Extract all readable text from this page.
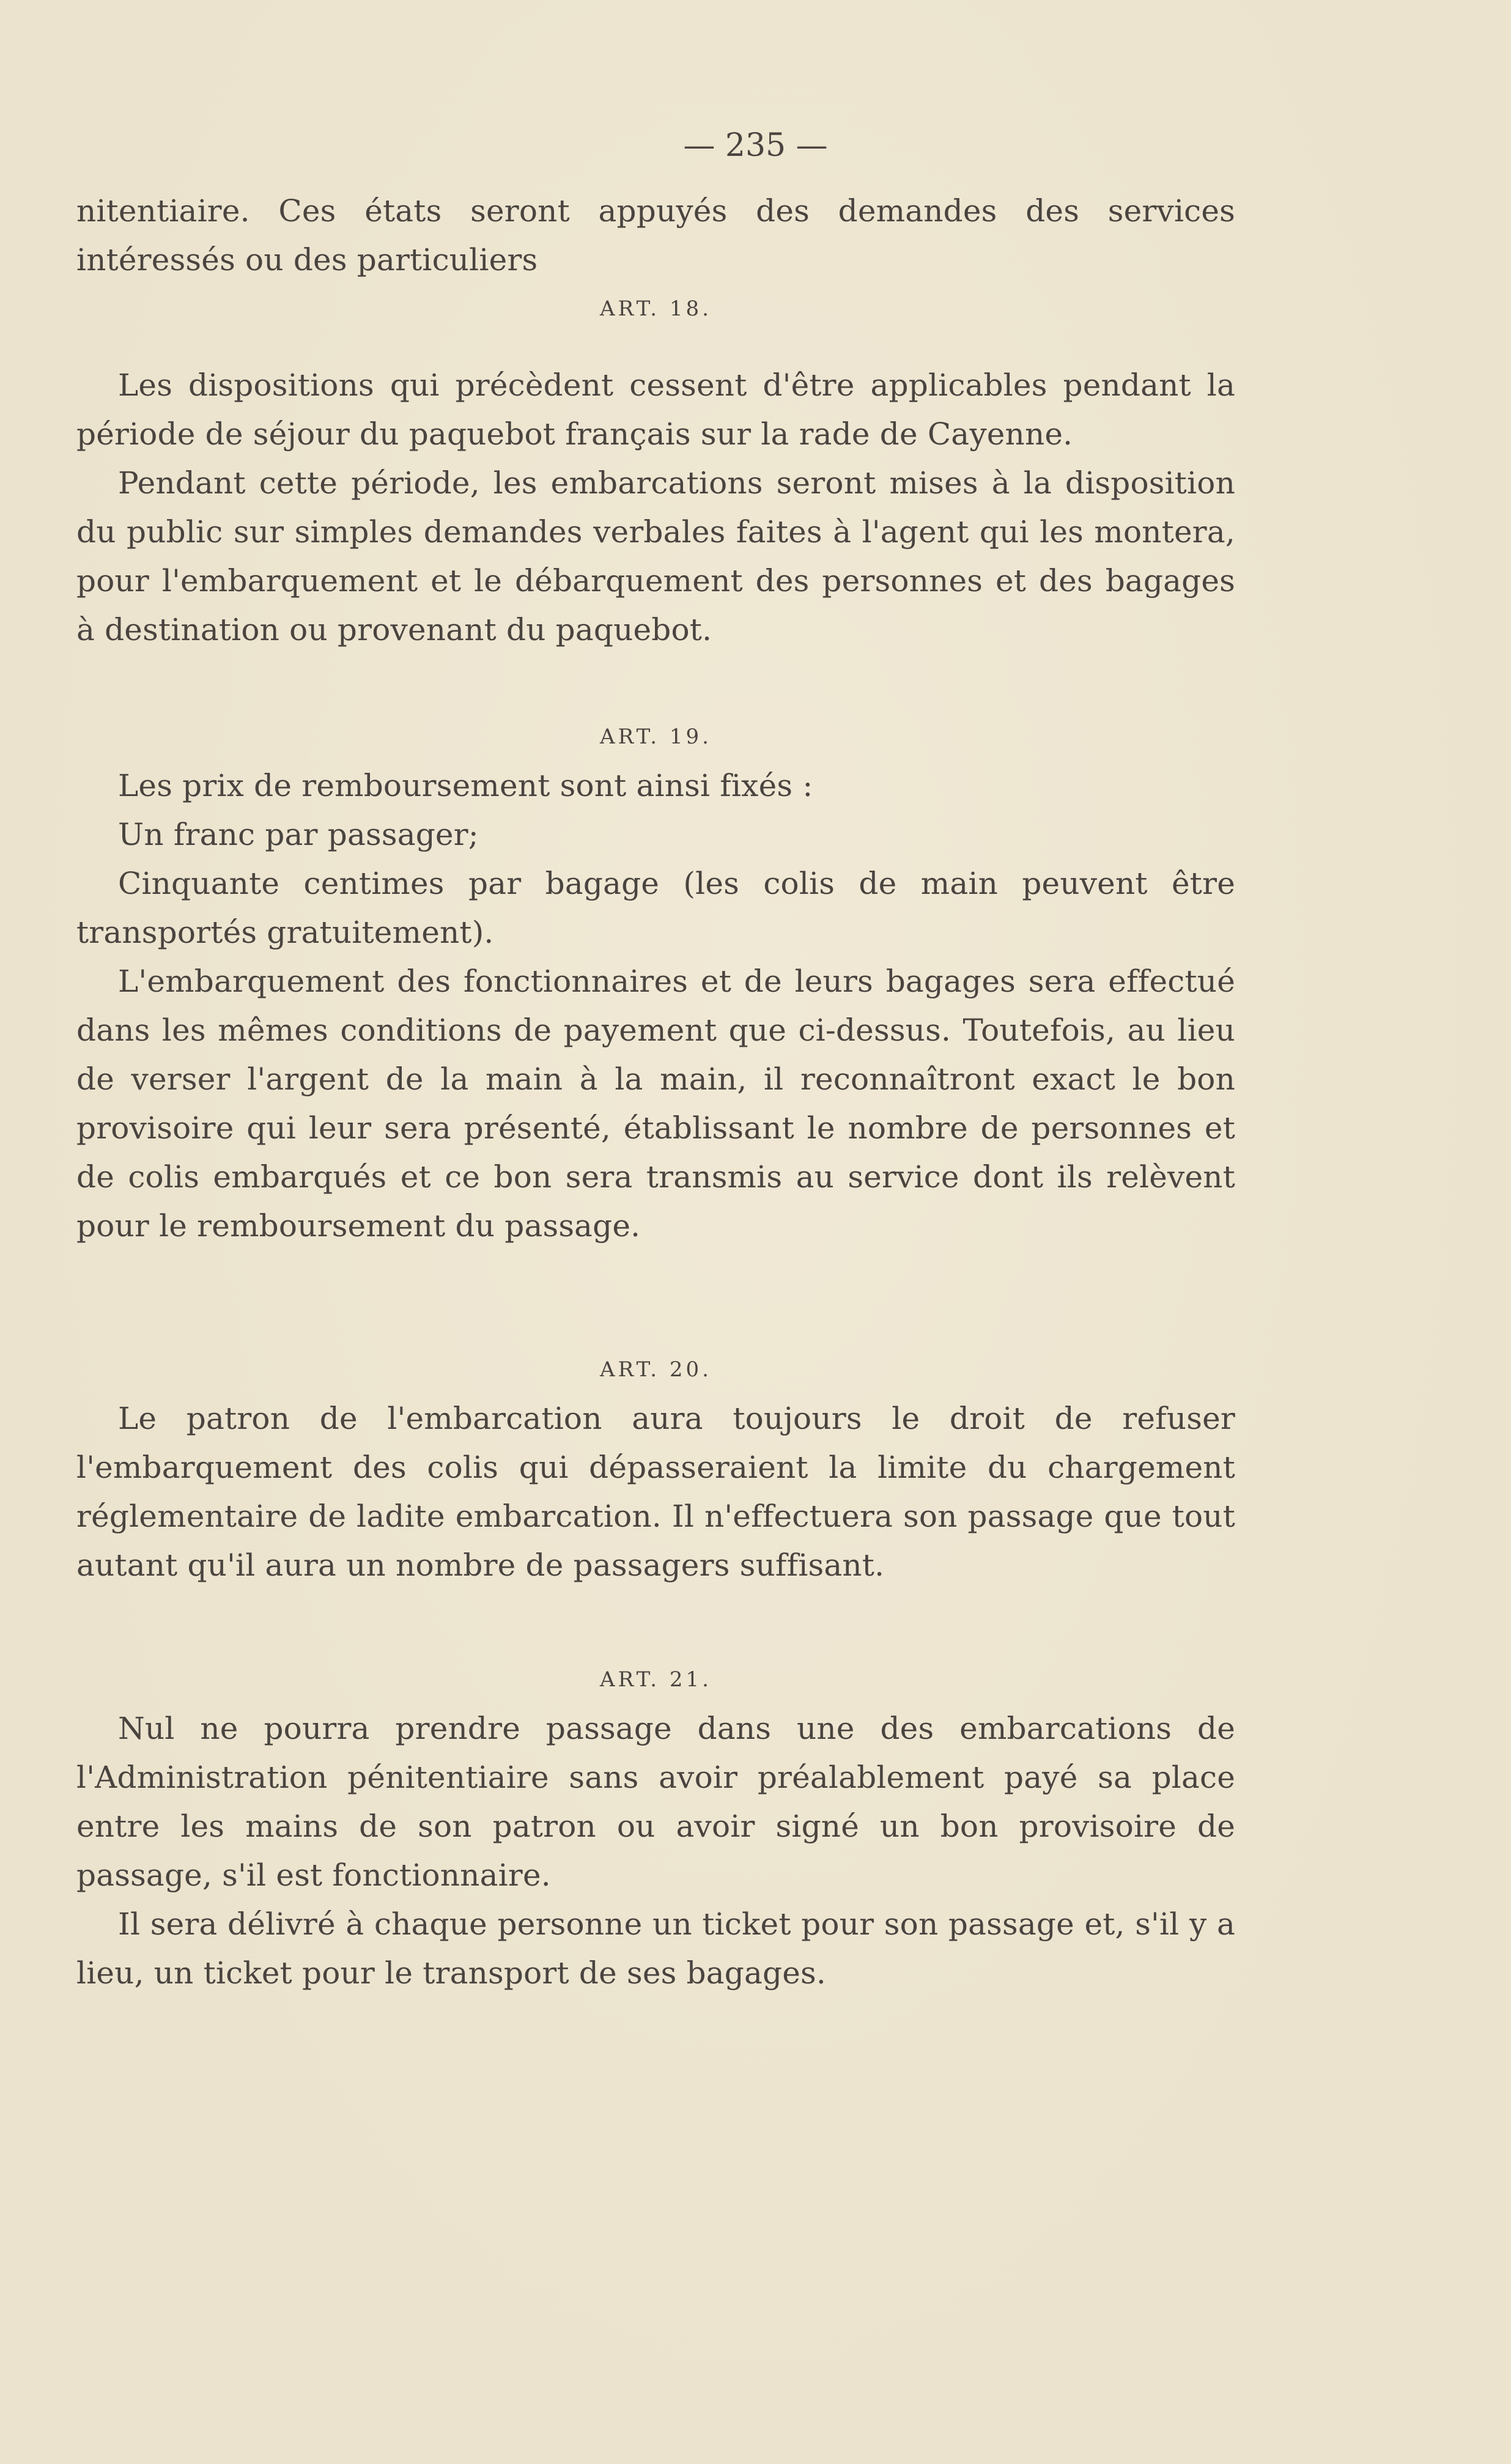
— 235 —

nitentiaire. Ces états seront appuyés des demandes des services intéressés ou des particuliers

ART. 18.

Les dispositions qui précèdent cessent d'être applicables pendant la période de séjour du paquebot français sur la rade de Cayenne.

Pendant cette période, les embarcations seront mises à la disposition du public sur simples demandes verbales faites à l'agent qui les montera, pour l'embarquement et le débarquement des personnes et des bagages à destination ou provenant du paquebot.

ART. 19.

Les prix de remboursement sont ainsi fixés :

Un franc par passager;

Cinquante centimes par bagage (les colis de main peuvent être transportés gratuitement).

L'embarquement des fonctionnaires et de leurs bagages sera effectué dans les mêmes conditions de payement que ci-dessus. Toutefois, au lieu de verser l'argent de la main à la main, il reconnaîtront exact le bon provisoire qui leur sera présenté, établissant le nombre de personnes et de colis embarqués et ce bon sera transmis au service dont ils relèvent pour le remboursement du passage.

ART. 20.

Le patron de l'embarcation aura toujours le droit de refuser l'embarquement des colis qui dépasseraient la limite du chargement réglementaire de ladite embarcation. Il n'effectuera son passage que tout autant qu'il aura un nombre de passagers suffisant.

ART. 21.

Nul ne pourra prendre passage dans une des embarcations de l'Administration pénitentiaire sans avoir préalablement payé sa place entre les mains de son patron ou avoir signé un bon provisoire de passage, s'il est fonctionnaire.

Il sera délivré à chaque personne un ticket pour son passage et, s'il y a lieu, un ticket pour le transport de ses bagages.
